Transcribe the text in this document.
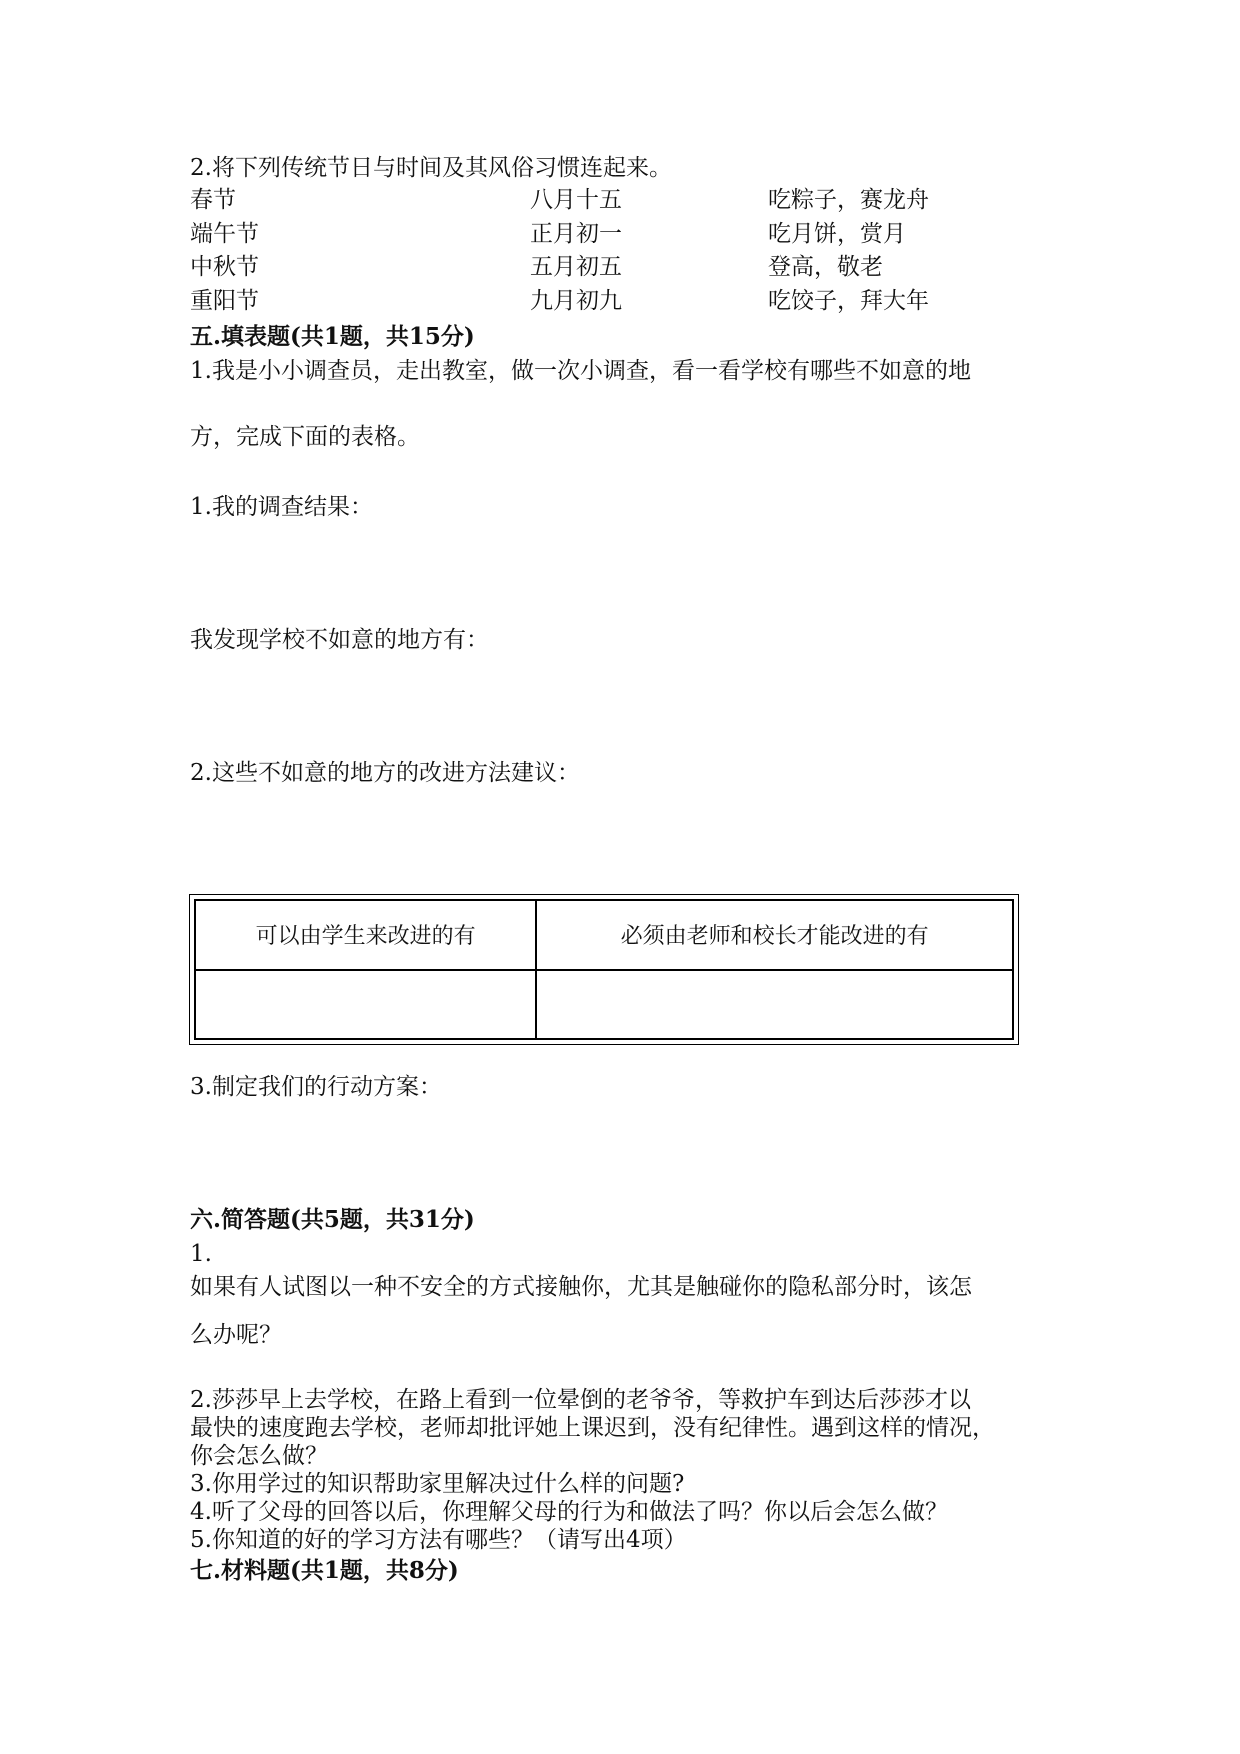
2.将下列传统节日与时间及其风俗习惯连起来。

春节	八月十五	吃粽子，赛龙舟
端午节	正月初一	吃月饼，赏月
中秋节	五月初五	登高，敬老
重阳节	九月初九	吃饺子，拜大年

五.填表题(共1题，共15分)

1.我是小小调查员，走出教室，做一次小调查，看一看学校有哪些不如意的地

方，完成下面的表格。

1.我的调查结果：

我发现学校不如意的地方有：

2.这些不如意的地方的改进方法建议：

可以由学生来改进的有	必须由老师和校长才能改进的有

3.制定我们的行动方案：

六.简答题(共5题，共31分)

1.

如果有人试图以一种不安全的方式接触你，尤其是触碰你的隐私部分时，该怎

么办呢？

2.莎莎早上去学校，在路上看到一位晕倒的老爷爷，等救护车到达后莎莎才以

最快的速度跑去学校，老师却批评她上课迟到，没有纪律性。遇到这样的情况，

你会怎么做？

3.你用学过的知识帮助家里解决过什么样的问题?

4.听了父母的回答以后，你理解父母的行为和做法了吗？你以后会怎么做？

5.你知道的好的学习方法有哪些？（请写出4项）

七.材料题(共1题，共8分)
